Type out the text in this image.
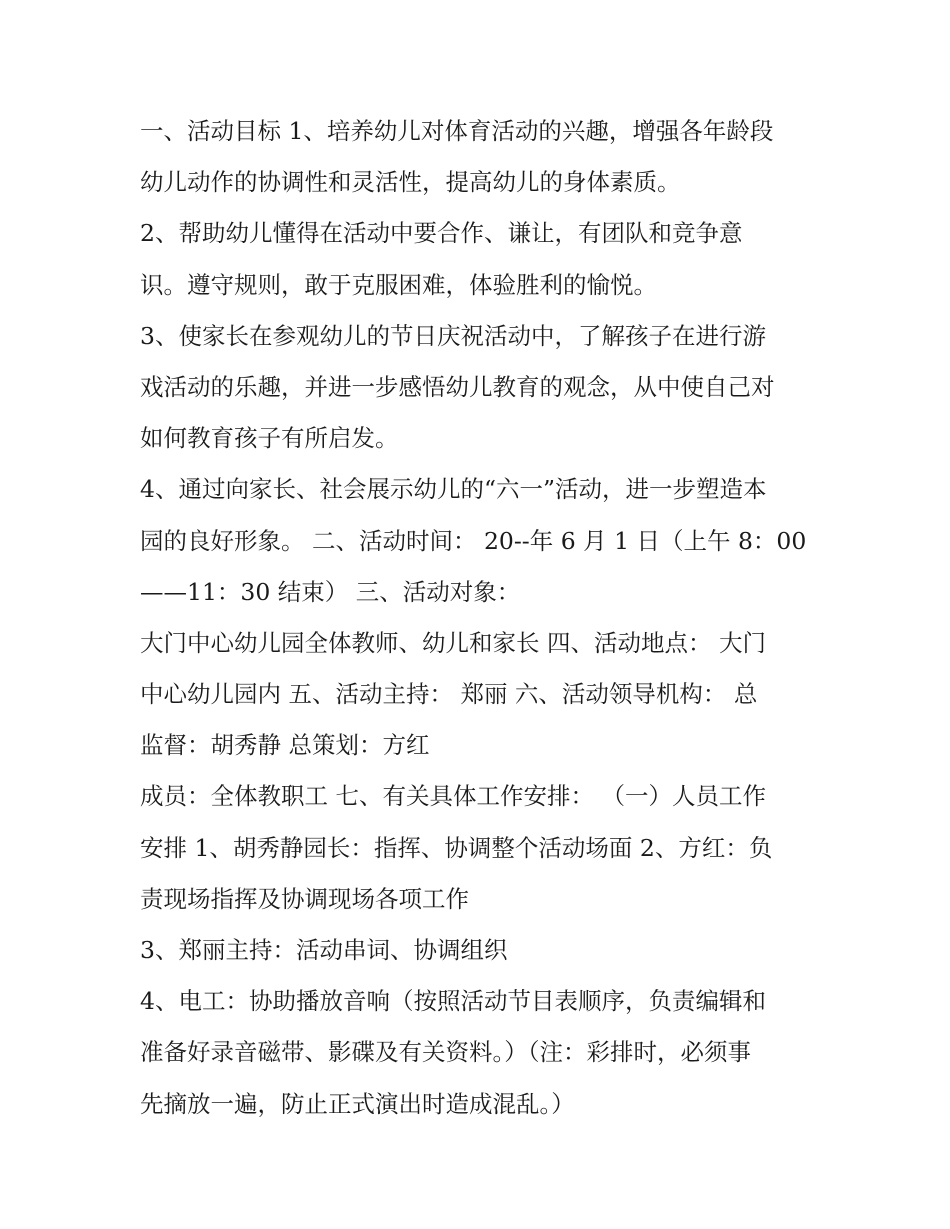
一、活动目标 1、培养幼儿对体育活动的兴趣，增强各年龄段
幼儿动作的协调性和灵活性，提高幼儿的身体素质。
2、帮助幼儿懂得在活动中要合作、谦让，有团队和竞争意
识。遵守规则，敢于克服困难，体验胜利的愉悦。
3、使家长在参观幼儿的节日庆祝活动中，了解孩子在进行游
戏活动的乐趣，并进一步感悟幼儿教育的观念，从中使自己对
如何教育孩子有所启发。
4、通过向家长、社会展示幼儿的“六一”活动，进一步塑造本
园的良好形象。 二、活动时间： 20--年 6 月 1 日（上午 8：00
——11：30 结束） 三、活动对象：
大门中心幼儿园全体教师、幼儿和家长 四、活动地点： 大门
中心幼儿园内 五、活动主持： 郑丽 六、活动领导机构： 总
监督：胡秀静 总策划：方红
成员：全体教职工 七、有关具体工作安排： （一）人员工作
安排 1、胡秀静园长：指挥、协调整个活动场面 2、方红：负
责现场指挥及协调现场各项工作
3、郑丽主持：活动串词、协调组织
4、电工：协助播放音响（按照活动节目表顺序，负责编辑和
准备好录音磁带、影碟及有关资料。）（注：彩排时，必须事
先摘放一遍，防止正式演出时造成混乱。）
